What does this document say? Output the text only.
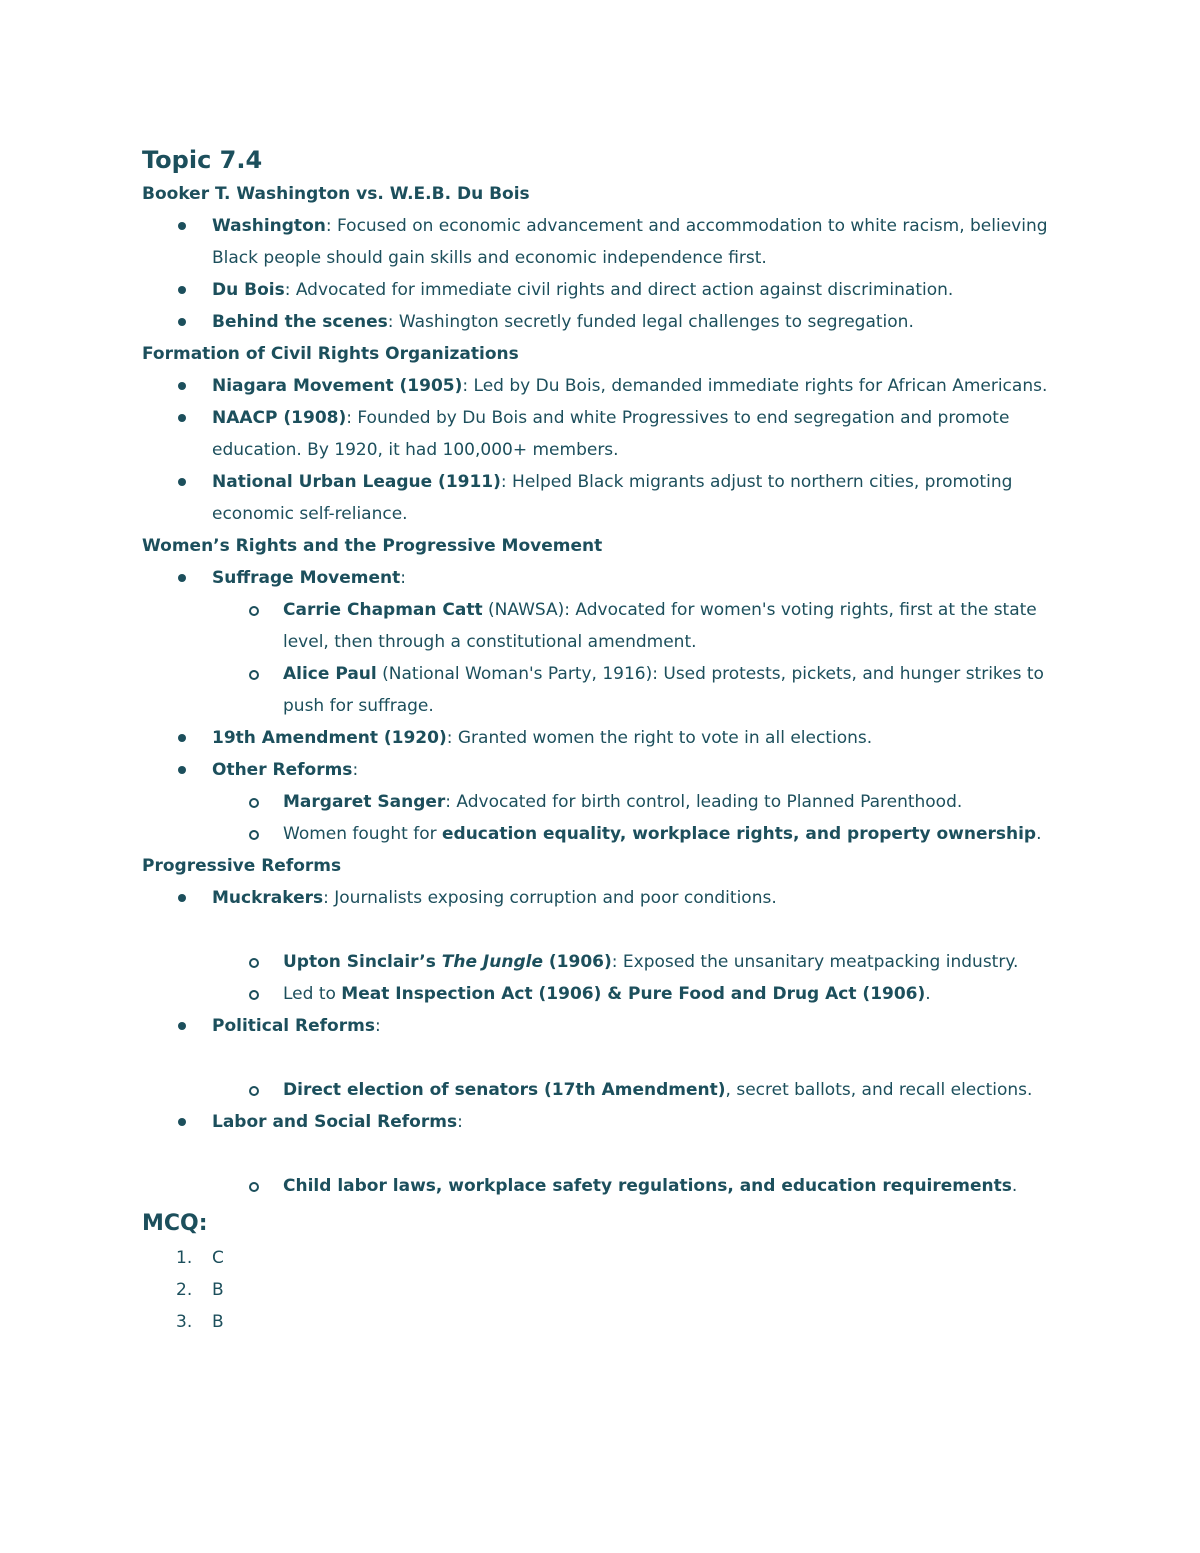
Topic 7.4
Booker T. Washington vs. W.E.B. Du Bois
Washington: Focused on economic advancement and accommodation to white racism, believing Black people should gain skills and economic independence first.
Du Bois: Advocated for immediate civil rights and direct action against discrimination.
Behind the scenes: Washington secretly funded legal challenges to segregation.
Formation of Civil Rights Organizations
Niagara Movement (1905): Led by Du Bois, demanded immediate rights for African Americans.
NAACP (1908): Founded by Du Bois and white Progressives to end segregation and promote education. By 1920, it had 100,000+ members.
National Urban League (1911): Helped Black migrants adjust to northern cities, promoting economic self-reliance.
Women’s Rights and the Progressive Movement
Suffrage Movement:
Carrie Chapman Catt (NAWSA): Advocated for women's voting rights, first at the state level, then through a constitutional amendment.
Alice Paul (National Woman's Party, 1916): Used protests, pickets, and hunger strikes to push for suffrage.
19th Amendment (1920): Granted women the right to vote in all elections.
Other Reforms:
Margaret Sanger: Advocated for birth control, leading to Planned Parenthood.
Women fought for education equality, workplace rights, and property ownership.
Progressive Reforms
Muckrakers: Journalists exposing corruption and poor conditions.
Upton Sinclair’s The Jungle (1906): Exposed the unsanitary meatpacking industry.
Led to Meat Inspection Act (1906) & Pure Food and Drug Act (1906).
Political Reforms:
Direct election of senators (17th Amendment), secret ballots, and recall elections.
Labor and Social Reforms:
Child labor laws, workplace safety regulations, and education requirements.
MCQ:
1. C
2. B
3. B
